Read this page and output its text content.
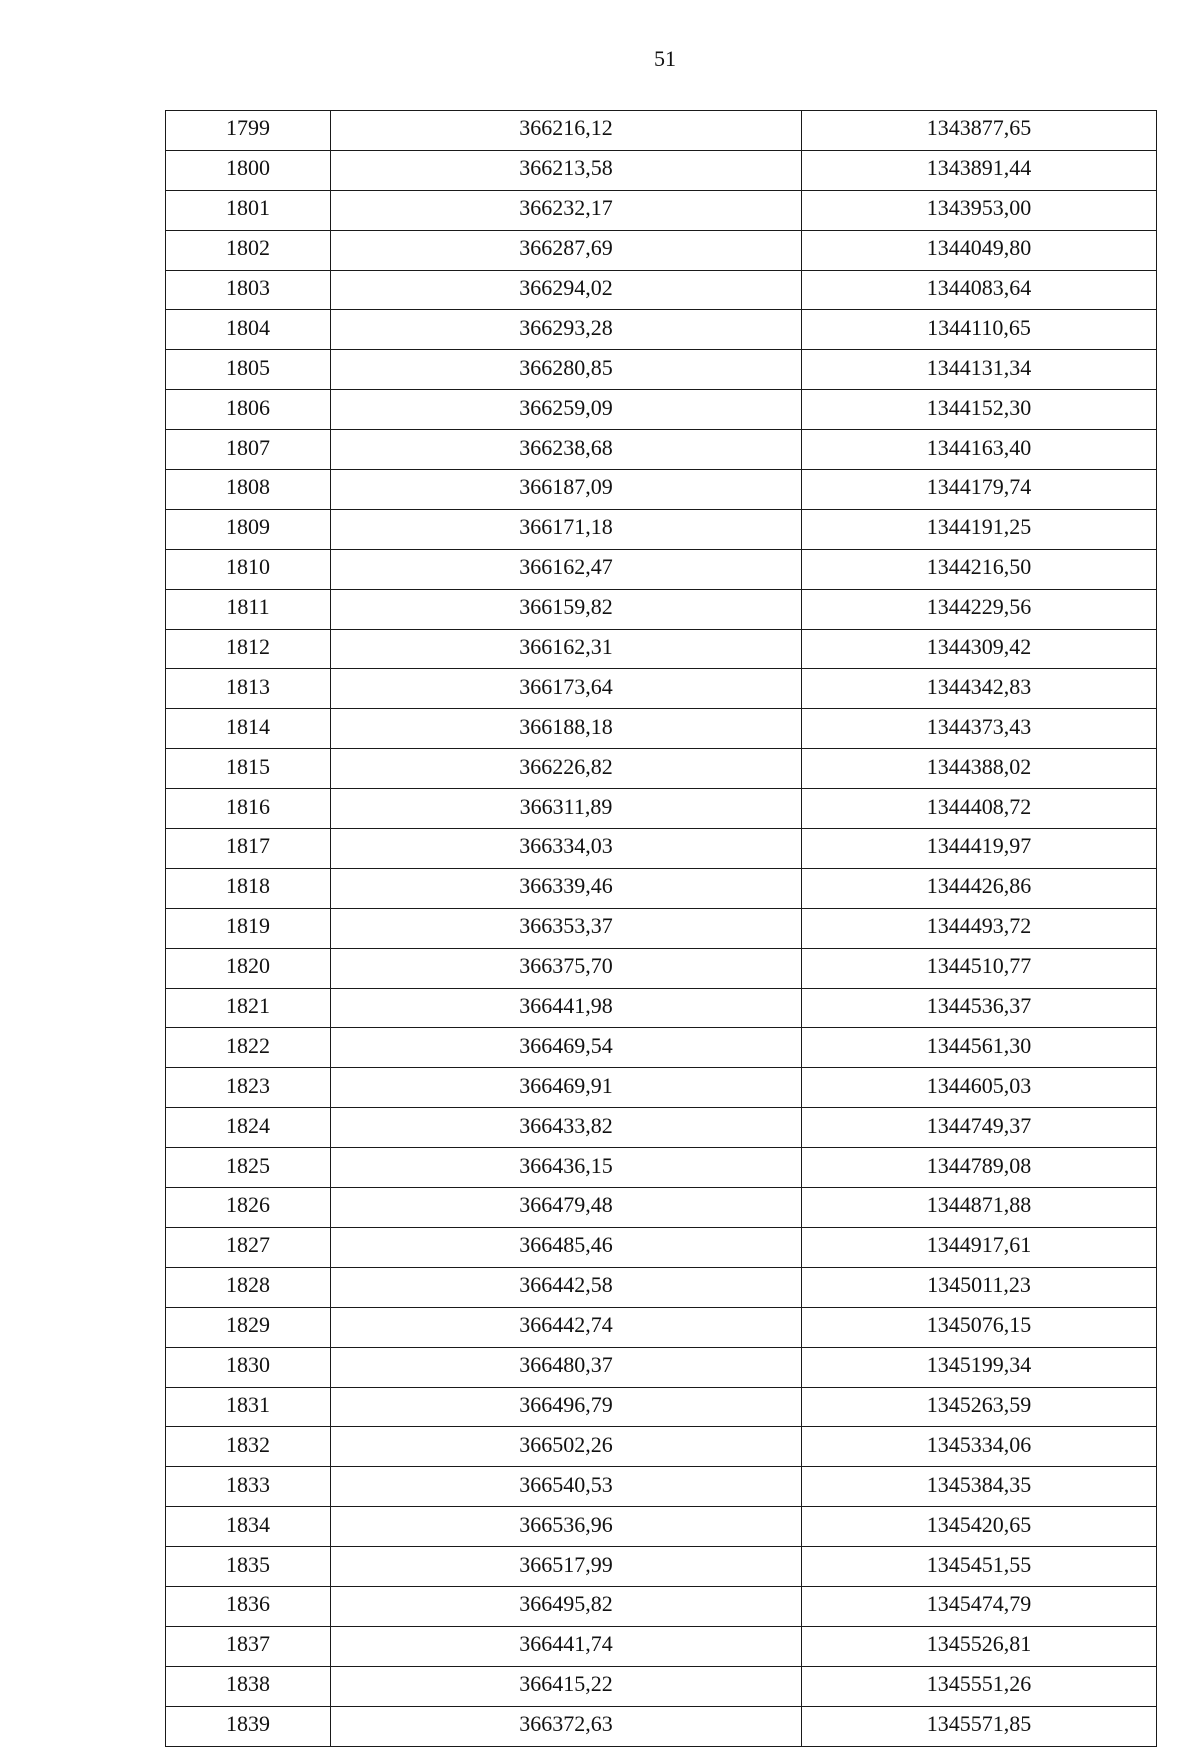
51
1799	366216,12	1343877,65
1800	366213,58	1343891,44
1801	366232,17	1343953,00
1802	366287,69	1344049,80
1803	366294,02	1344083,64
1804	366293,28	1344110,65
1805	366280,85	1344131,34
1806	366259,09	1344152,30
1807	366238,68	1344163,40
1808	366187,09	1344179,74
1809	366171,18	1344191,25
1810	366162,47	1344216,50
1811	366159,82	1344229,56
1812	366162,31	1344309,42
1813	366173,64	1344342,83
1814	366188,18	1344373,43
1815	366226,82	1344388,02
1816	366311,89	1344408,72
1817	366334,03	1344419,97
1818	366339,46	1344426,86
1819	366353,37	1344493,72
1820	366375,70	1344510,77
1821	366441,98	1344536,37
1822	366469,54	1344561,30
1823	366469,91	1344605,03
1824	366433,82	1344749,37
1825	366436,15	1344789,08
1826	366479,48	1344871,88
1827	366485,46	1344917,61
1828	366442,58	1345011,23
1829	366442,74	1345076,15
1830	366480,37	1345199,34
1831	366496,79	1345263,59
1832	366502,26	1345334,06
1833	366540,53	1345384,35
1834	366536,96	1345420,65
1835	366517,99	1345451,55
1836	366495,82	1345474,79
1837	366441,74	1345526,81
1838	366415,22	1345551,26
1839	366372,63	1345571,85
